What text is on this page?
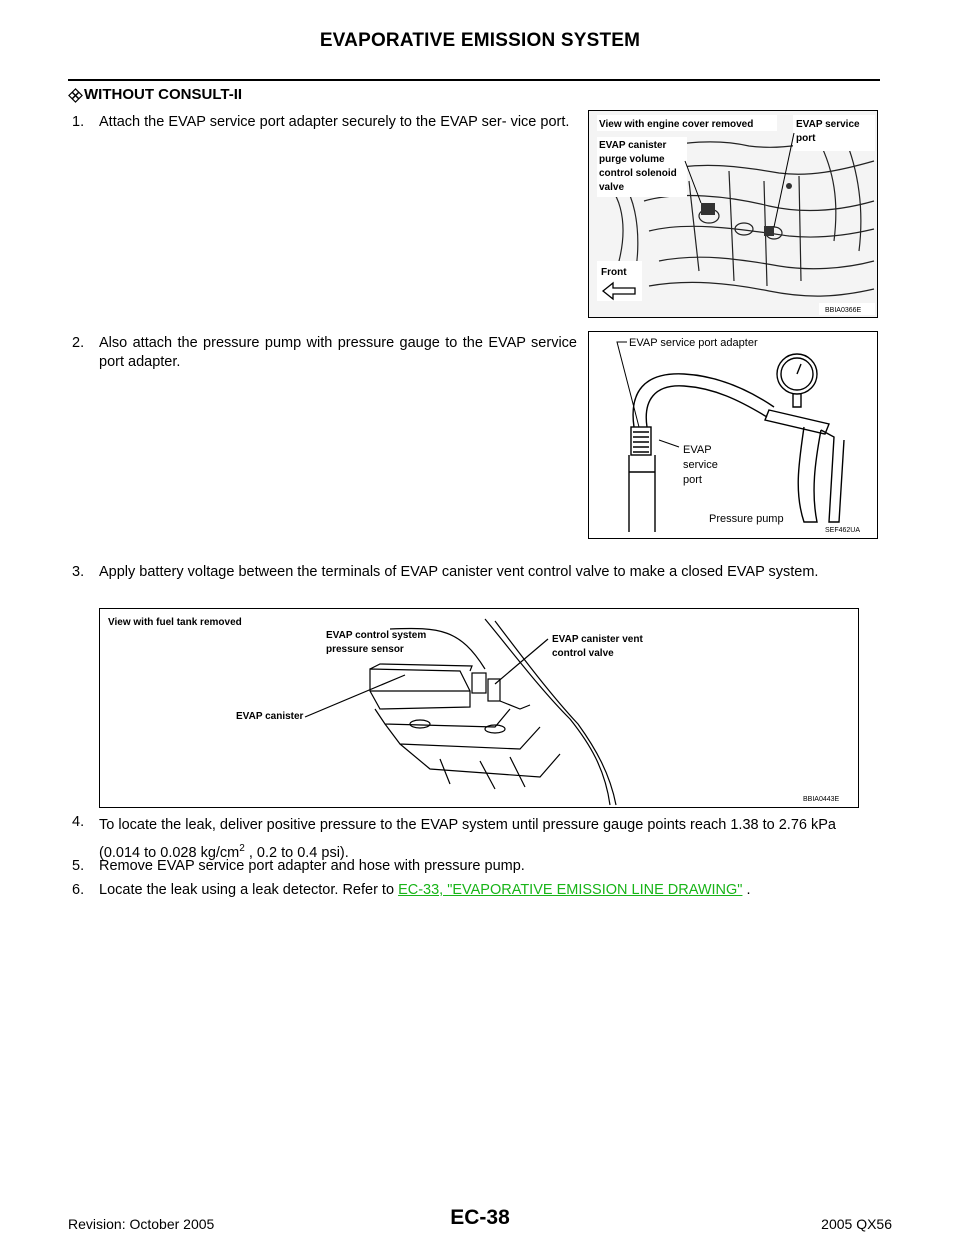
EVAPORATIVE EMISSION SYSTEM
WITHOUT CONSULT-II
1. Attach the EVAP service port adapter securely to the EVAP ser- vice port.	View with engine cover removed
EVAP canister
purge volume
control solenoid
valve
EVAP service
port
Front
BBIA0366E
2. Also attach the pressure pump with pressure gauge to the EVAP service port adapter.
EVAP service port adapter
EVAP
service
port
Pressure pump
SEF462UA
3. Apply battery voltage between the terminals of EVAP canister vent control valve to make a closed EVAP system.
View with fuel tank removed
EVAP control system
pressure sensor
EVAP canister vent
control valve
EVAP canister
BBIA0443E
4. To locate the leak, deliver positive pressure to the EVAP system until pressure gauge points reach 1.38 to 2.76 kPa (0.014 to 0.028 $kg/cm^2$ , 0.2 to 0.4 psi).
5. Remove EVAP service port adapter and hose with pressure pump.
6. Locate the leak using a leak detector. Refer to EC-33, "EVAPORATIVE EMISSION LINE DRAWING" .
Revision: October 2005	EC-38	2005 QX56
